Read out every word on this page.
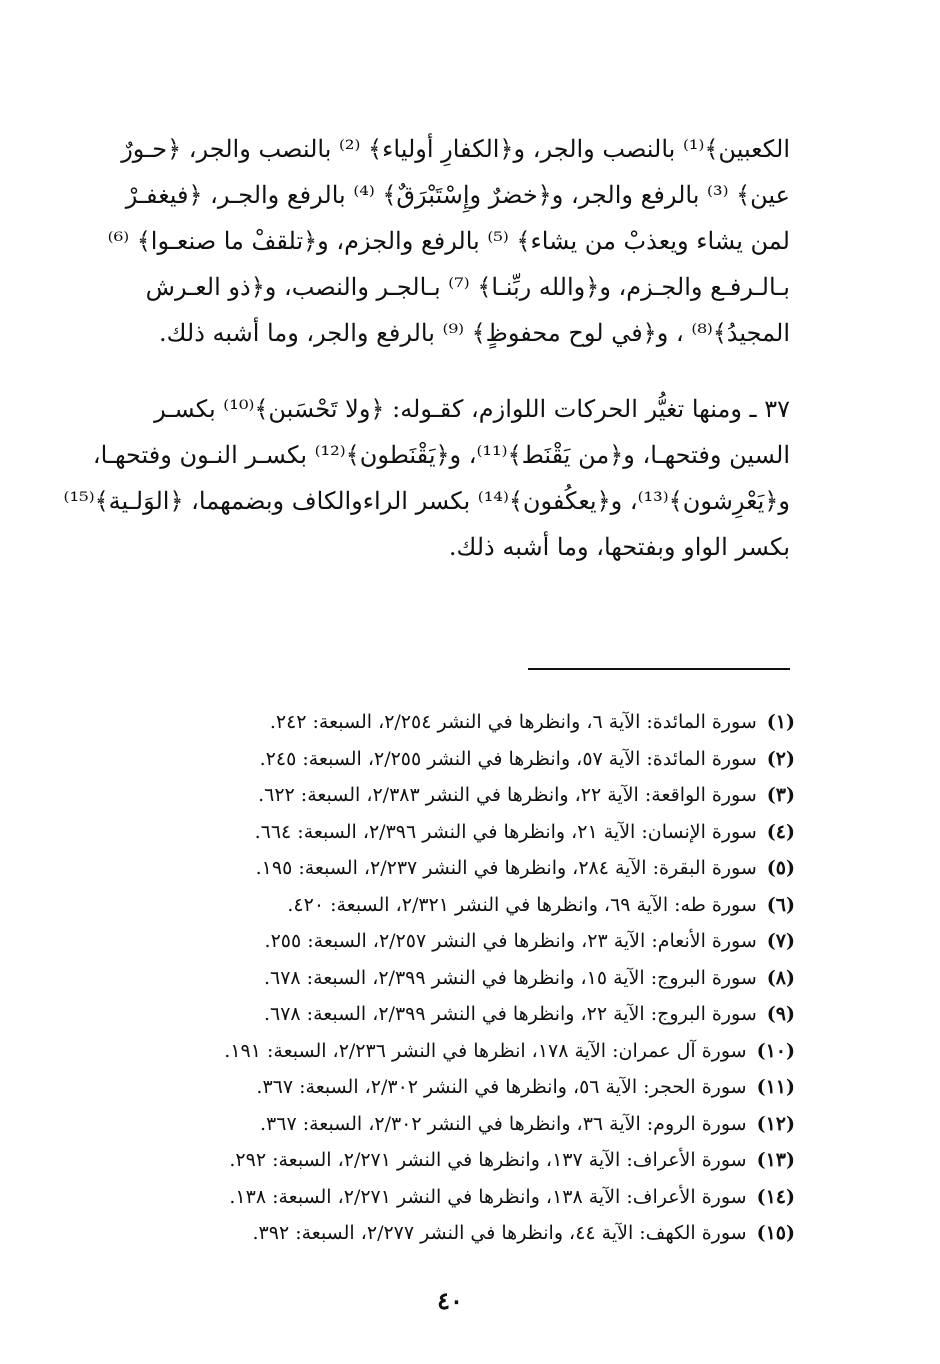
الكعبين﴾⁽¹⁾ بالنصب والجر، و﴿الكفارِ أولياء﴾ ⁽²⁾ بالنصب والجر، ﴿حـورٌ
عين﴾ ⁽³⁾ بالرفع والجر، و﴿خضرٌ وإِسْتَبْرَقٌ﴾ ⁽⁴⁾ بالرفع والجـر، ﴿فيغفـرْ
لمن يشاء ويعذبْ من يشاء﴾ ⁽⁵⁾ بالرفع والجزم، و﴿تلقفْ ما صنعـوا﴾ ⁽⁶⁾
بـالـرفـع والجـزم، و﴿والله ربِّنـا﴾ ⁽⁷⁾ بـالجـر والنصب، و﴿ذو العـرش
المجيدُ﴾⁽⁸⁾ ، و﴿في لوح محفوظٍ﴾ ⁽⁹⁾ بالرفع والجر، وما أشبه ذلك.
٣٧ ـ ومنها تغيُّر الحركات اللوازم، كقـوله: ﴿ولا تَحْسَبن﴾⁽¹⁰⁾ بكسـر
السين وفتحهـا، و﴿من يَقْنَط﴾⁽¹¹⁾، و﴿يَقْنَطون﴾⁽¹²⁾ بكسـر النـون وفتحهـا،
و﴿يَعْرِشون﴾⁽¹³⁾، و﴿يعكُفون﴾⁽¹⁴⁾ بكسر الراءوالكاف وبضمهما، ﴿الوَلـية﴾⁽¹⁵⁾
بكسر الواو وبفتحها، وما أشبه ذلك.
(١)سورة المائدة: الآية ٦، وانظرها في النشر ٢/٢٥٤، السبعة: ٢٤٢.
(٢)سورة المائدة: الآية ٥٧، وانظرها في النشر ٢/٢٥٥، السبعة: ٢٤٥.
(٣)سورة الواقعة: الآية ٢٢، وانظرها في النشر ٢/٣٨٣، السبعة: ٦٢٢.
(٤)سورة الإنسان: الآية ٢١، وانظرها في النشر ٢/٣٩٦، السبعة: ٦٦٤.
(٥)سورة البقرة: الآية ٢٨٤، وانظرها في النشر ٢/٢٣٧، السبعة: ١٩٥.
(٦)سورة طه: الآية ٦٩، وانظرها في النشر ٢/٣٢١، السبعة: ٤٢٠.
(٧)سورة الأنعام: الآية ٢٣، وانظرها في النشر ٢/٢٥٧، السبعة: ٢٥٥.
(٨)سورة البروج: الآية ١٥، وانظرها في النشر ٢/٣٩٩، السبعة: ٦٧٨.
(٩)سورة البروج: الآية ٢٢، وانظرها في النشر ٢/٣٩٩، السبعة: ٦٧٨.
(١٠)سورة آل عمران: الآية ١٧٨، انظرها في النشر ٢/٢٣٦، السبعة: ١٩١.
(١١)سورة الحجر: الآية ٥٦، وانظرها في النشر ٢/٣٠٢، السبعة: ٣٦٧.
(١٢)سورة الروم: الآية ٣٦، وانظرها في النشر ٢/٣٠٢، السبعة: ٣٦٧.
(١٣)سورة الأعراف: الآية ١٣٧، وانظرها في النشر ٢/٢٧١، السبعة: ٢٩٢.
(١٤)سورة الأعراف: الآية ١٣٨، وانظرها في النشر ٢/٢٧١، السبعة: ١٣٨.
(١٥)سورة الكهف: الآية ٤٤، وانظرها في النشر ٢/٢٧٧، السبعة: ٣٩٢.
٤٠
